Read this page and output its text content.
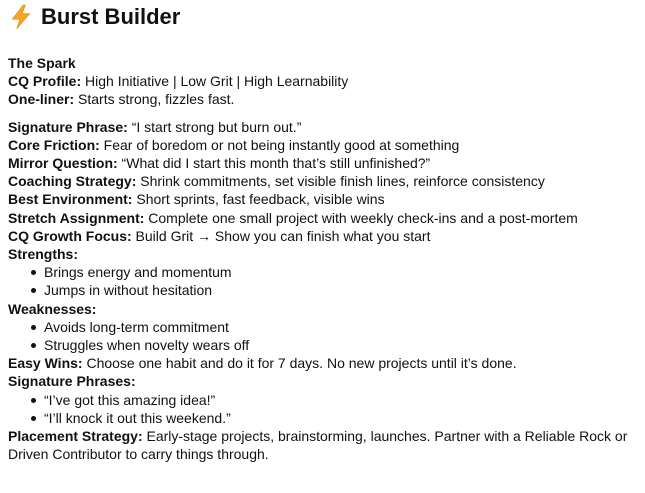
Burst Builder
The Spark
CQ Profile: High Initiative | Low Grit | High Learnability
One-liner: Starts strong, fizzles fast.
Signature Phrase: “I start strong but burn out.”
Core Friction: Fear of boredom or not being instantly good at something
Mirror Question: “What did I start this month that’s still unfinished?”
Coaching Strategy: Shrink commitments, set visible finish lines, reinforce consistency
Best Environment: Short sprints, fast feedback, visible wins
Stretch Assignment: Complete one small project with weekly check-ins and a post-mortem
CQ Growth Focus: Build Grit → Show you can finish what you start
Strengths:
Brings energy and momentum
Jumps in without hesitation
Weaknesses:
Avoids long-term commitment
Struggles when novelty wears off
Easy Wins: Choose one habit and do it for 7 days. No new projects until it’s done.
Signature Phrases:
“I’ve got this amazing idea!”
“I’ll knock it out this weekend.”
Placement Strategy: Early-stage projects, brainstorming, launches. Partner with a Reliable Rock or Driven Contributor to carry things through.
